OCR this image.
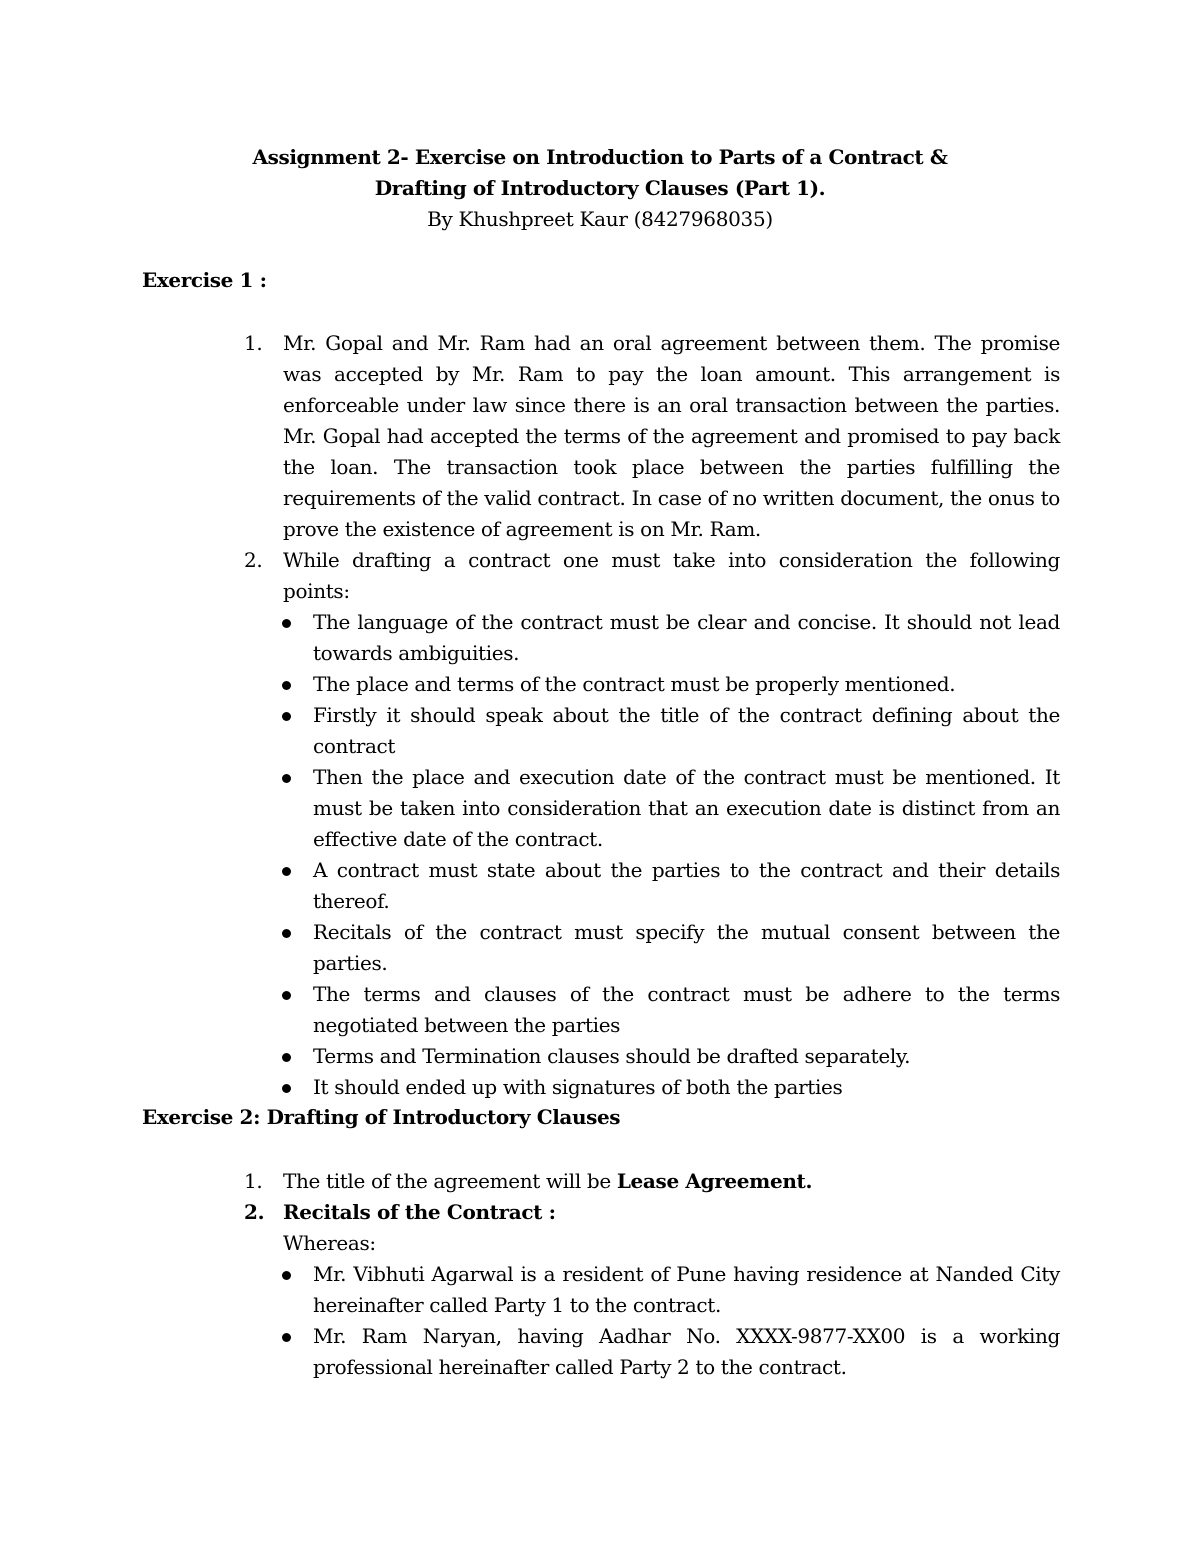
Assignment 2- Exercise on Introduction to Parts of a Contract &
Drafting of Introductory Clauses (Part 1).
By Khushpreet Kaur (8427968035)
Exercise 1 :
1. Mr. Gopal and Mr. Ram had an oral agreement between them. The promise was accepted by Mr. Ram to pay the loan amount. This arrangement is enforceable under law since there is an oral transaction between the parties. Mr. Gopal had accepted the terms of the agreement and promised to pay back the loan. The transaction took place between the parties fulfilling the requirements of the valid contract. In case of no written document, the onus to prove the existence of agreement is on Mr. Ram.
2. While drafting a contract one must take into consideration the following points:
The language of the contract must be clear and concise. It should not lead towards ambiguities.
The place and terms of the contract must be properly mentioned.
Firstly it should speak about the title of the contract defining about the contract
Then the place and execution date of the contract must be mentioned. It must be taken into consideration that an execution date is distinct from an effective date of the contract.
A contract must state about the parties to the contract and their details thereof.
Recitals of the contract must specify the mutual consent between the parties.
The terms and clauses of the contract must be adhere to the terms negotiated between the parties
Terms and Termination clauses should be drafted separately.
It should ended up with signatures of both the parties
Exercise 2: Drafting of Introductory Clauses
1. The title of the agreement will be Lease Agreement.
2. Recitals of the Contract :
Whereas:
Mr. Vibhuti Agarwal is a resident of Pune having residence at Nanded City hereinafter called Party 1 to the contract.
Mr. Ram Naryan, having Aadhar No. XXXX-9877-XX00 is a working professional hereinafter called Party 2 to the contract.
